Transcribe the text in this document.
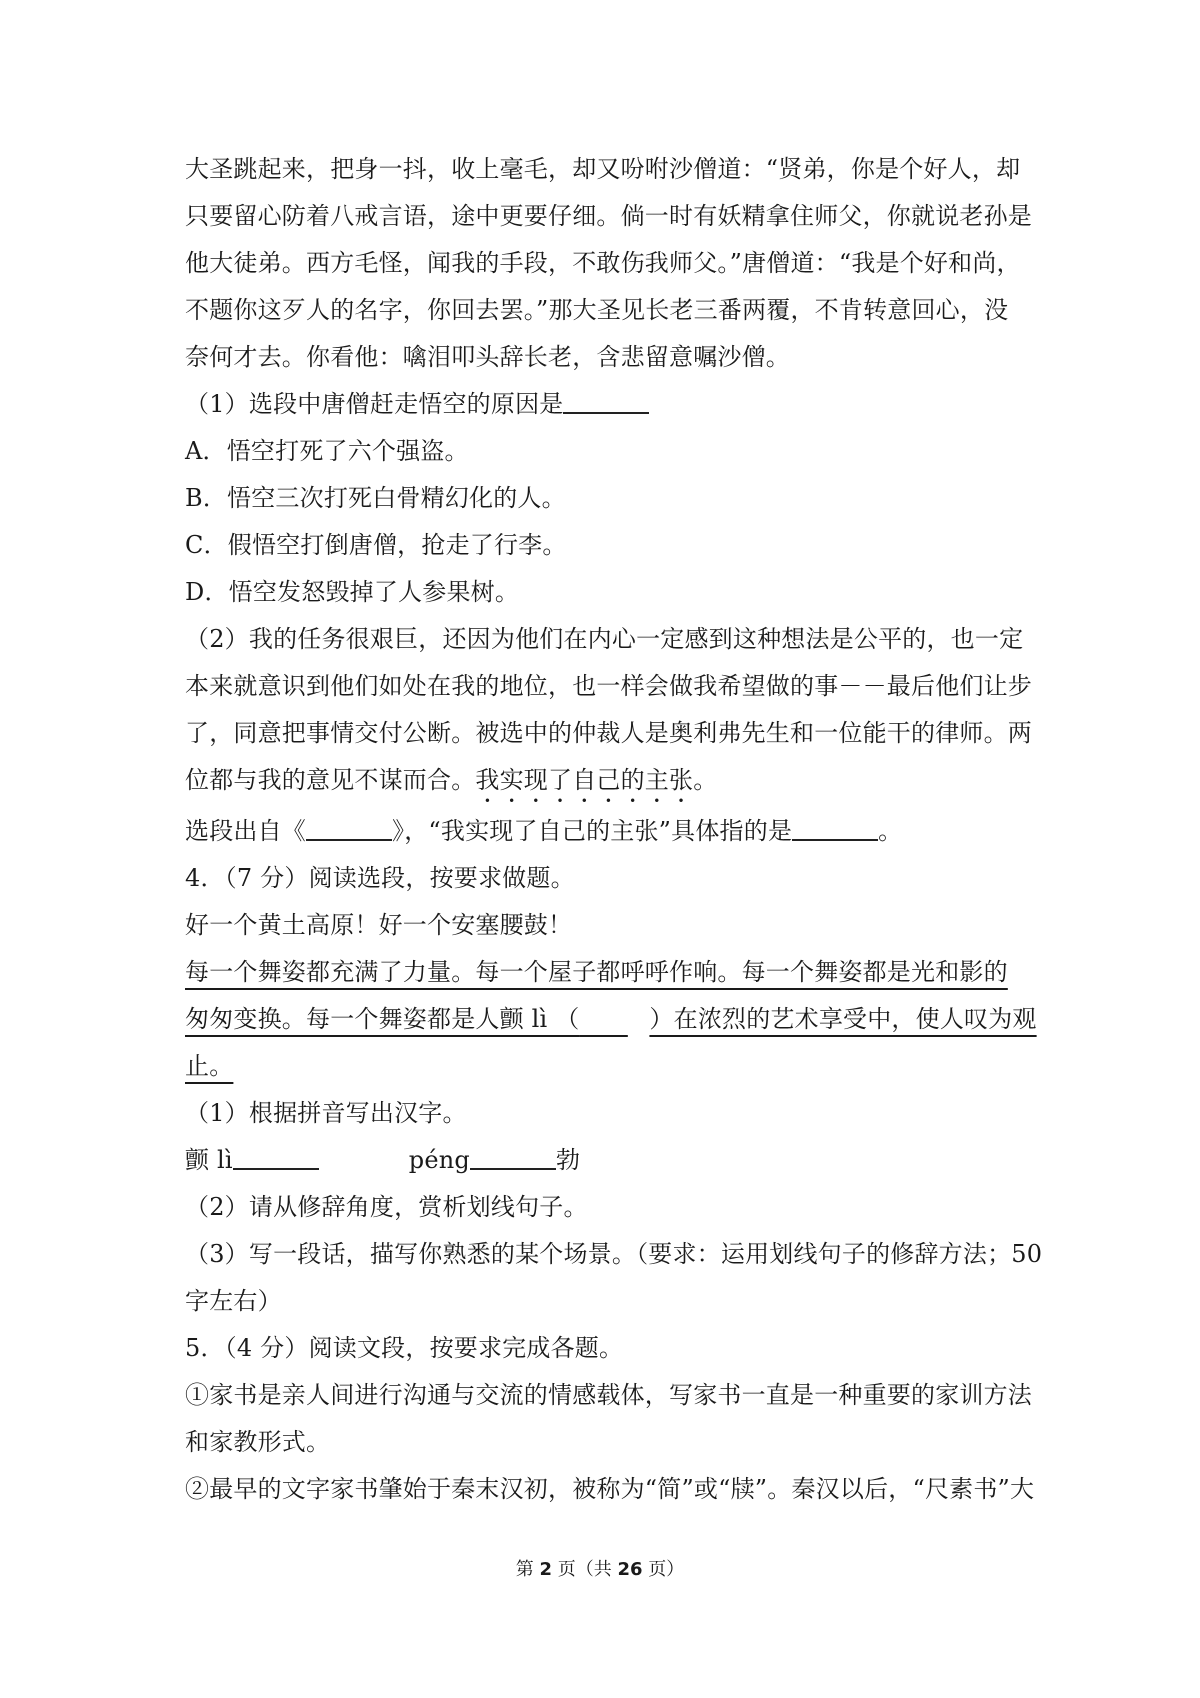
大圣跳起来，把身一抖，收上毫毛，却又吩咐沙僧道：“贤弟，你是个好人，却
只要留心防着八戒言语，途中更要仔细。倘一时有妖精拿住师父，你就说老孙是
他大徒弟。西方毛怪，闻我的手段，不敢伤我师父。”唐僧道：“我是个好和尚，
不题你这歹人的名字，你回去罢。”那大圣见长老三番两覆，不肯转意回心，没
奈何才去。你看他：噙泪叩头辞长老，含悲留意嘱沙僧。
（1）选段中唐僧赶走悟空的原因是
A．悟空打死了六个强盗。
B．悟空三次打死白骨精幻化的人。
C．假悟空打倒唐僧，抢走了行李。
D．悟空发怒毁掉了人参果树。
（2）我的任务很艰巨，还因为他们在内心一定感到这种想法是公平的，也一定
本来就意识到他们如处在我的地位，也一样会做我希望做的事－－最后他们让步
了，同意把事情交付公断。被选中的仲裁人是奥利弗先生和一位能干的律师。两
位都与我的意见不谋而合。我实现了自己的主张。
选段出自《	》，“我实现了自己的主张”具体指的是	。
4．（7 分）阅读选段，按要求做题。
好一个黄土高原！好一个安塞腰鼓！
每一个舞姿都充满了力量。每一个屋子都呼呼作响。每一个舞姿都是光和影的
匆匆变换。每一个舞姿都是人颤 lì （  	）在浓烈的艺术享受中，使人叹为观
止。
（1）根据拼音写出汉字。
颤 lì	péng	勃
（2）请从修辞角度，赏析划线句子。
（3）写一段话，描写你熟悉的某个场景。（要求：运用划线句子的修辞方法；50
字左右）
5．（4 分）阅读文段，按要求完成各题。
①家书是亲人间进行沟通与交流的情感载体，写家书一直是一种重要的家训方法
和家教形式。
②最早的文字家书肇始于秦末汉初，被称为“简”或“牍”。秦汉以后，“尺素书”大
第 2 页（共 26 页）
